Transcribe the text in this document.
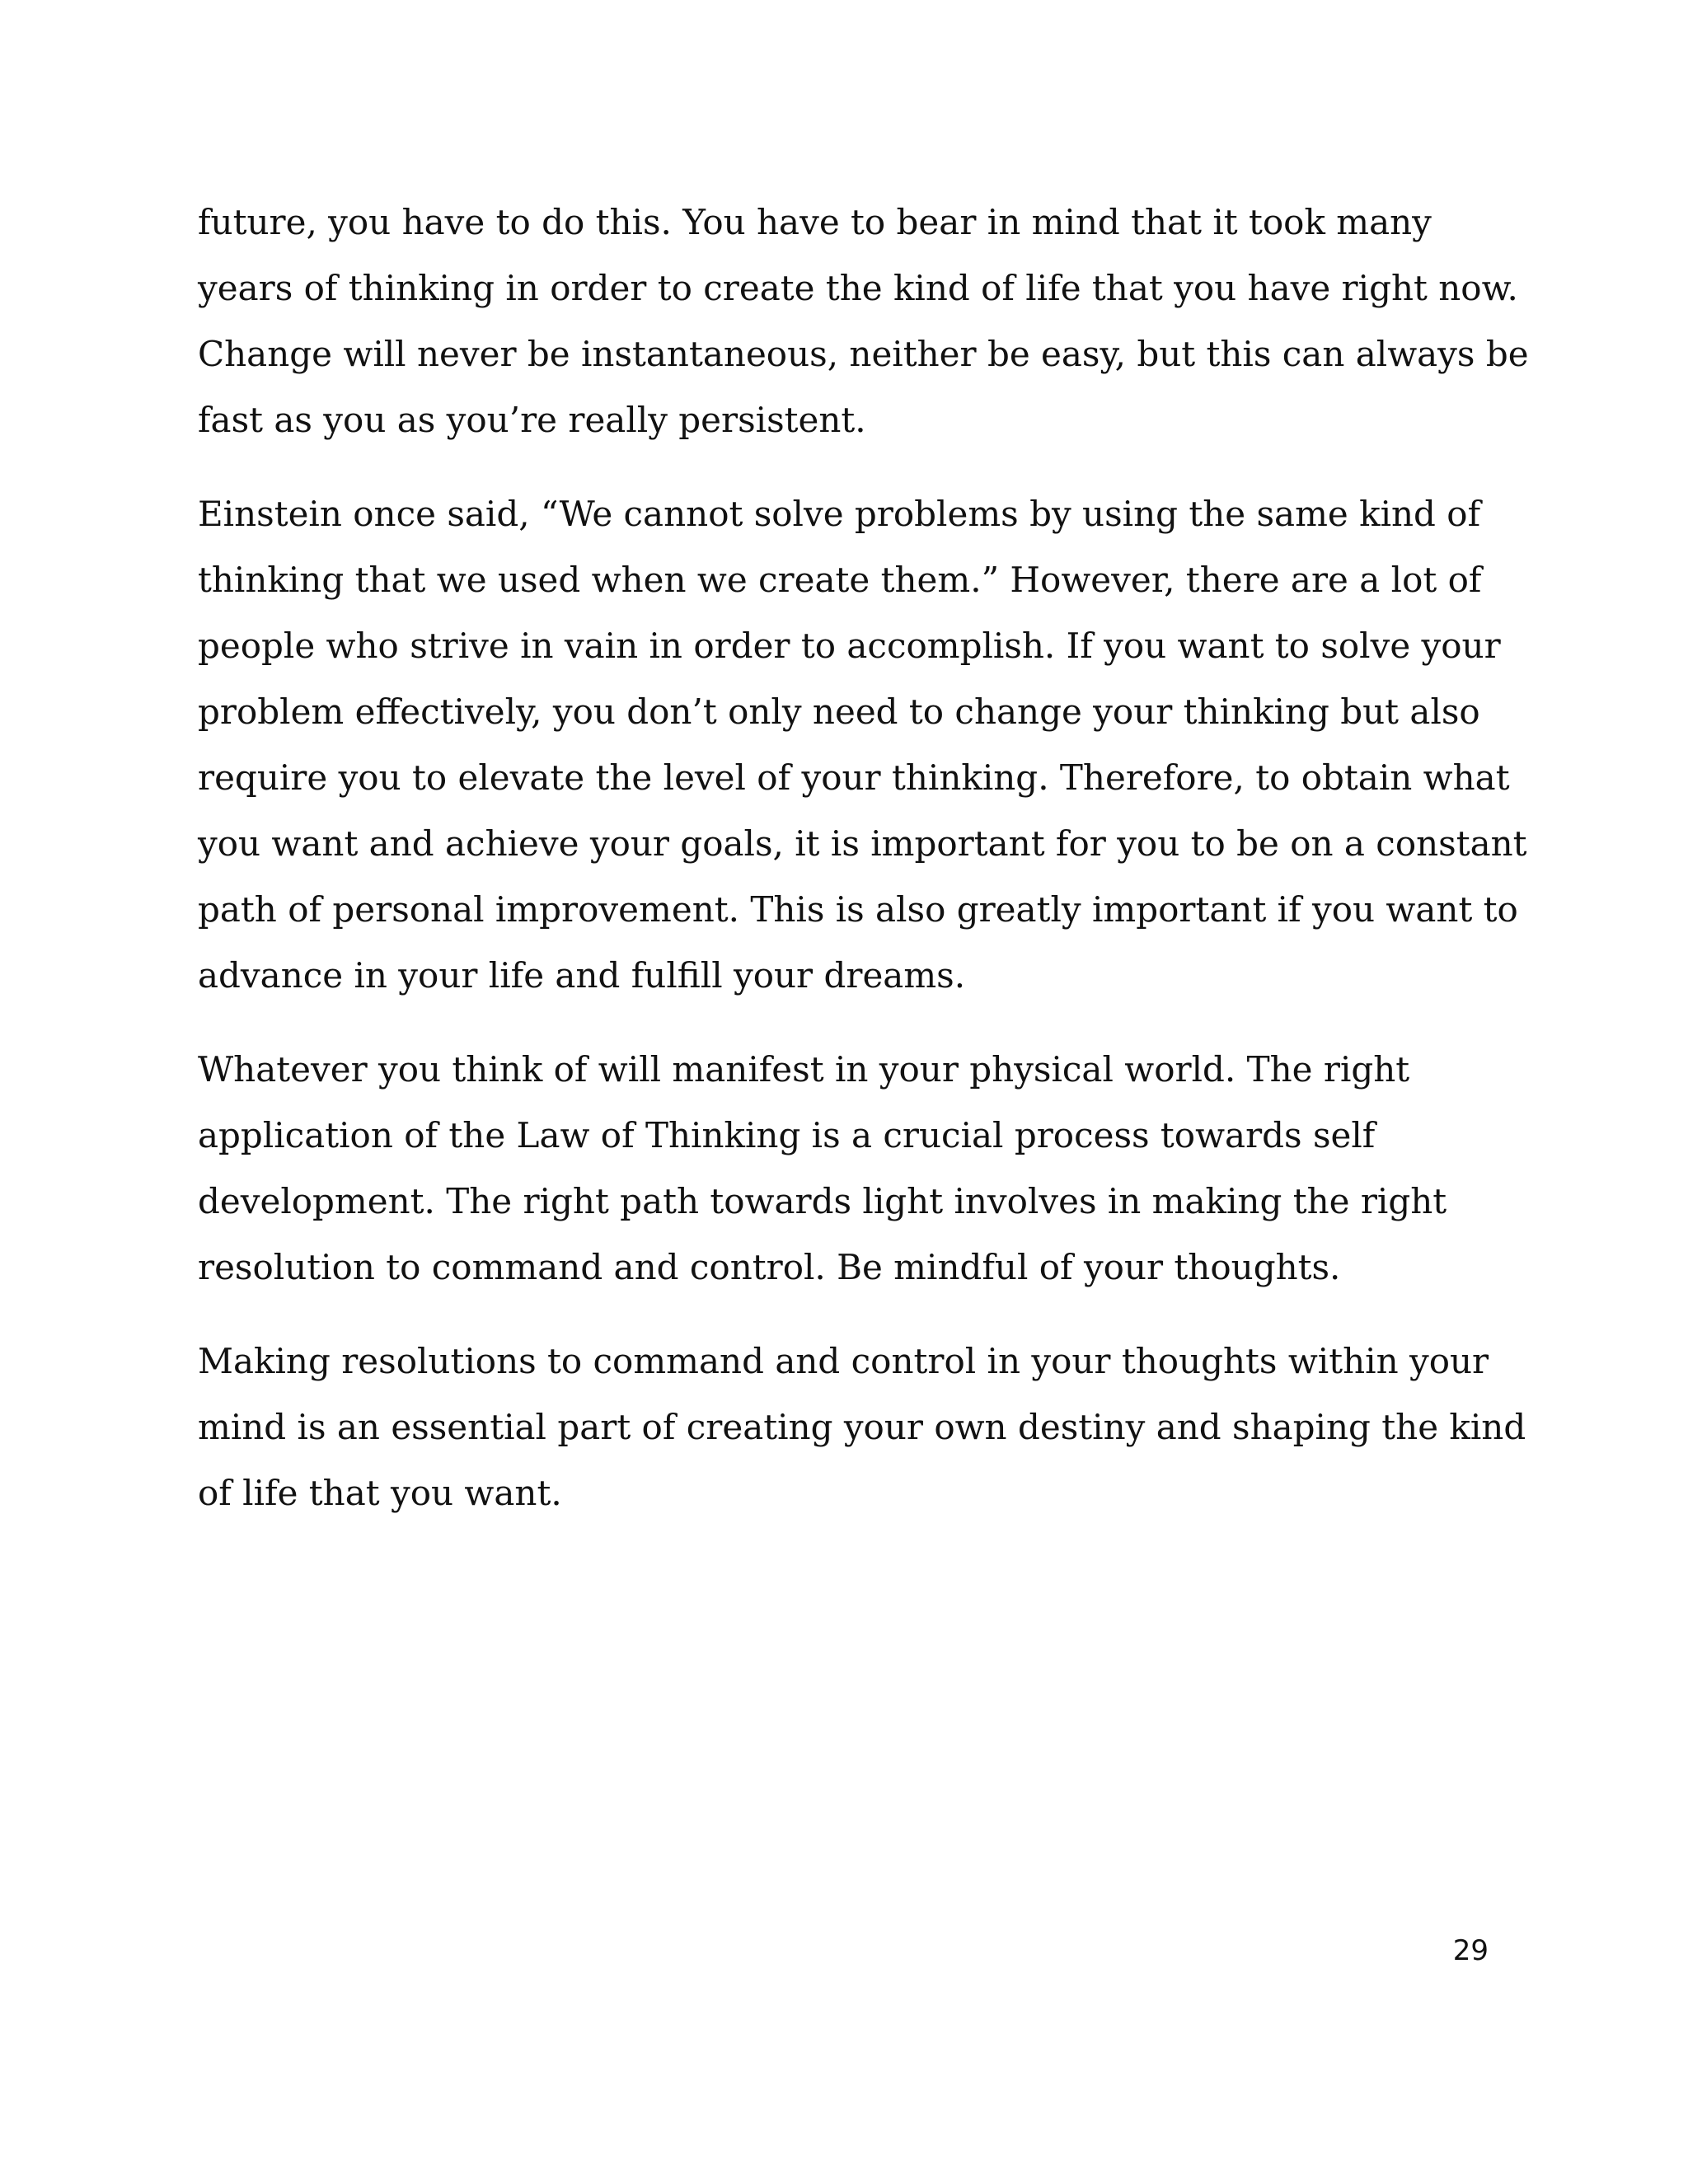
future, you have to do this. You have to bear in mind that it took many
years of thinking in order to create the kind of life that you have right now.
Change will never be instantaneous, neither be easy, but this can always be
fast as you as you’re really persistent.

Einstein once said, “We cannot solve problems by using the same kind of
thinking that we used when we create them.” However, there are a lot of
people who strive in vain in order to accomplish. If you want to solve your
problem effectively, you don’t only need to change your thinking but also
require you to elevate the level of your thinking. Therefore, to obtain what
you want and achieve your goals, it is important for you to be on a constant
path of personal improvement. This is also greatly important if you want to
advance in your life and fulfill your dreams.

Whatever you think of will manifest in your physical world. The right
application of the Law of Thinking is a crucial process towards self
development. The right path towards light involves in making the right
resolution to command and control. Be mindful of your thoughts.

Making resolutions to command and control in your thoughts within your
mind is an essential part of creating your own destiny and shaping the kind
of life that you want.

29
